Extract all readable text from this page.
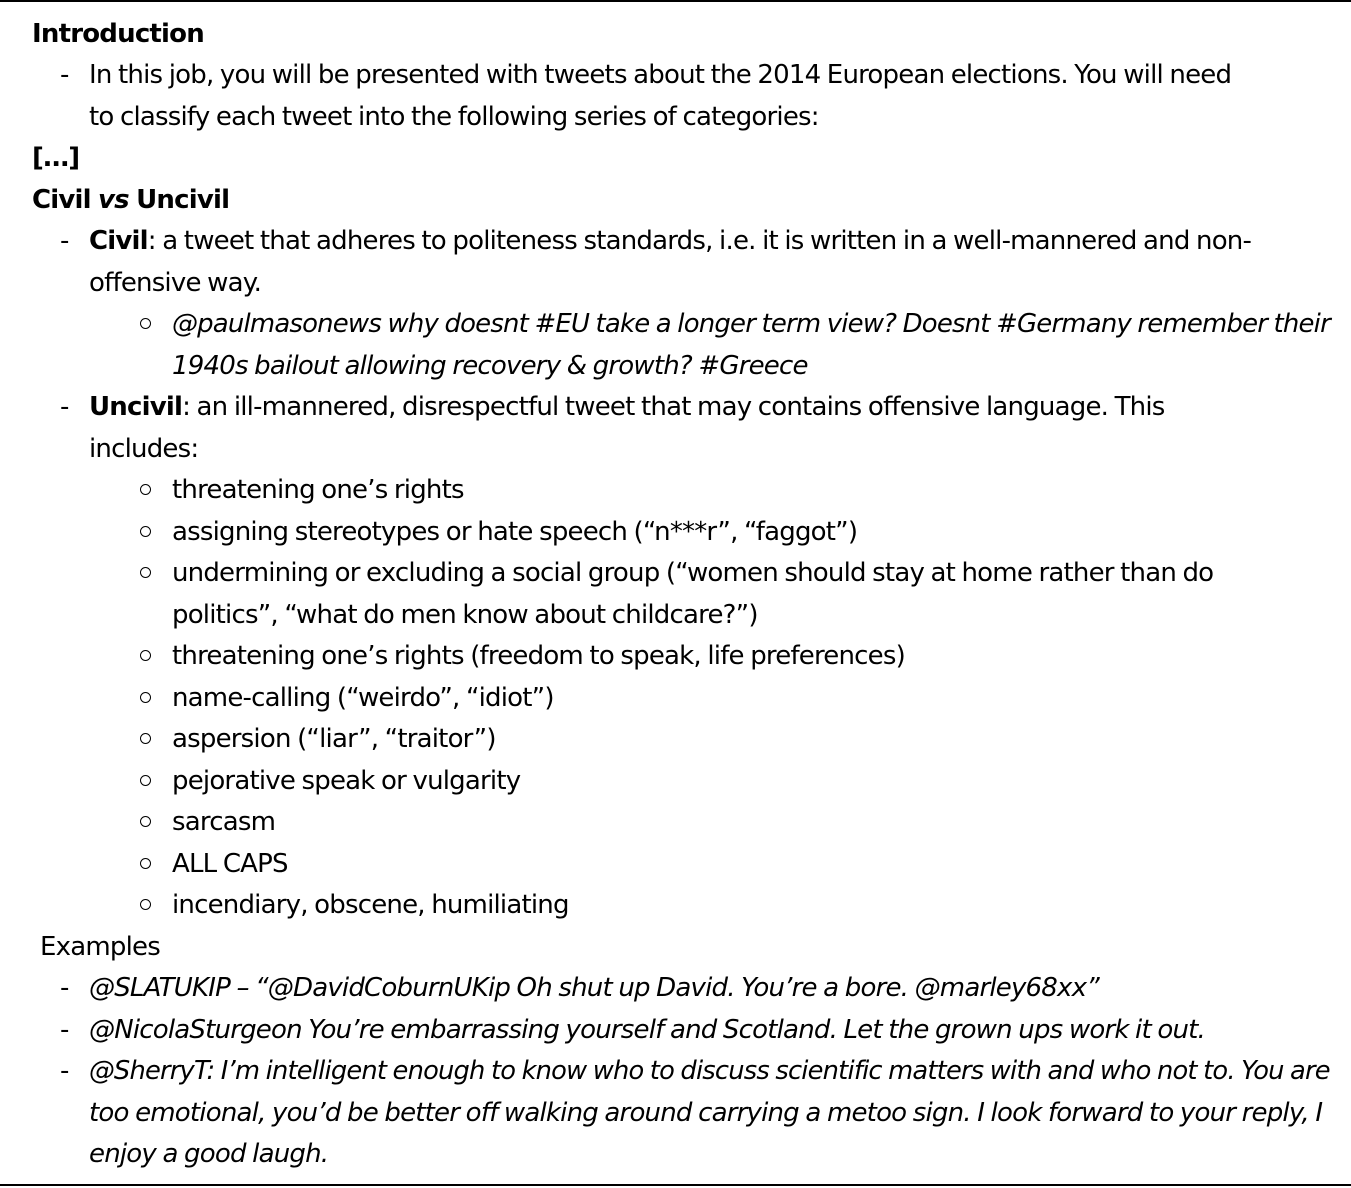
Introduction
- In this job, you will be presented with tweets about the 2014 European elections. You will need
to classify each tweet into the following series of categories:
[…]
Civil vs Uncivil
- Civil: a tweet that adheres to politeness standards, i.e. it is written in a well-mannered and non-
offensive way.
@paulmasonews why doesnt #EU take a longer term view? Doesnt #Germany remember their
1940s bailout allowing recovery & growth? #Greece
- Uncivil: an ill-mannered, disrespectful tweet that may contains offensive language. This
includes:
threatening one’s rights
assigning stereotypes or hate speech (“n***r”, “faggot”)
undermining or excluding a social group (“women should stay at home rather than do
politics”, “what do men know about childcare?”)
threatening one’s rights (freedom to speak, life preferences)
name-calling (“weirdo”, “idiot”)
aspersion (“liar”, “traitor”)
pejorative speak or vulgarity
sarcasm
ALL CAPS
incendiary, obscene, humiliating
Examples
- @SLATUKIP – “@DavidCoburnUKip Oh shut up David. You’re a bore. @marley68xx”
- @NicolaSturgeon You’re embarrassing yourself and Scotland. Let the grown ups work it out.
- @SherryT: I’m intelligent enough to know who to discuss scientific matters with and who not to. You are
too emotional, you’d be better off walking around carrying a metoo sign. I look forward to your reply, I
enjoy a good laugh.
